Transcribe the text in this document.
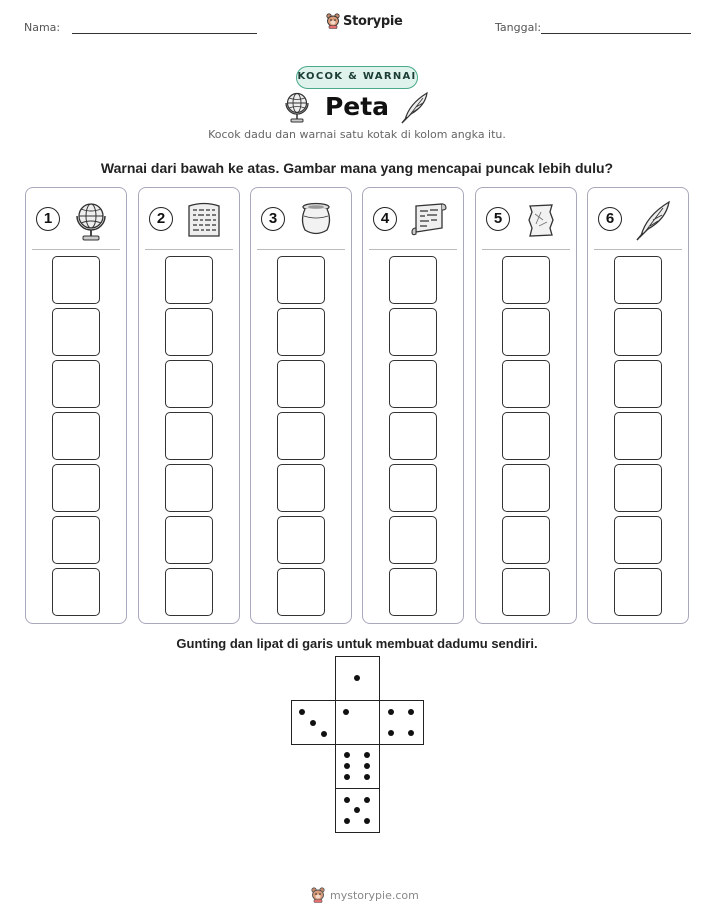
Nama:	Storypie	Tanggal:
KOCOK & WARNAI
Peta
Kocok dadu dan warnai satu kotak di kolom angka itu.
Warnai dari bawah ke atas. Gambar mana yang mencapai puncak lebih dulu?
1	2	3	4	5	6
Gunting dan lipat di garis untuk membuat dadumu sendiri.
mystorypie.com
